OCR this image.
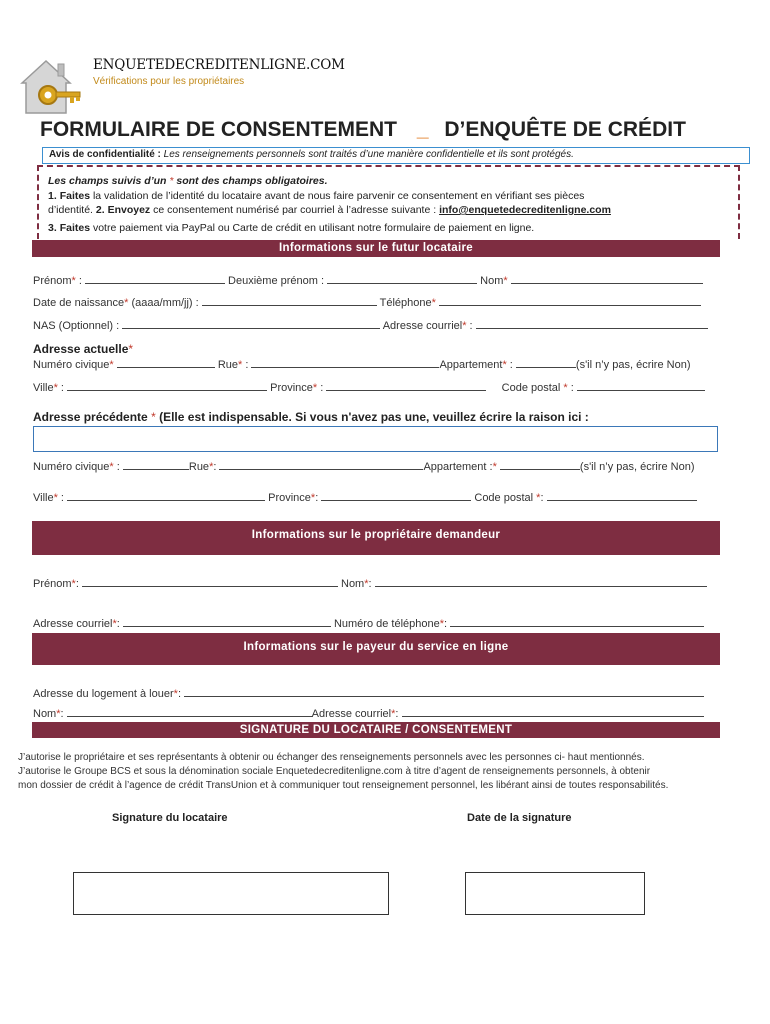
ENQUETEDECREDITENLIGNE.COM
Vérifications pour les propriétaires
FORMULAIRE DE CONSENTEMENT _ D’ENQUÊTE DE CRÉDIT
Avis de confidentialité : Les renseignements personnels sont traités d’une manière confidentielle et ils sont protégés.
Les champs suivis d’un * sont des champs obligatoires.
1. Faites la validation de l’identité du locataire avant de nous faire parvenir ce consentement en vérifiant ses pièces
d’identité. 2. Envoyez ce consentement numérisé par courriel à l’adresse suivante : info@enquetedecreditenligne.com
3. Faites votre paiement via PayPal ou Carte de crédit en utilisant notre formulaire de paiement en ligne.
Informations sur le futur locataire
Prénom* :	Deuxième prénom :	Nom*
Date de naissance* (aaaa/mm/jj) :	Téléphone*
NAS (Optionnel) :	Adresse courriel* :
Adresse actuelle*
Numéro civique*	Rue* :	Appartement* :	(s'il n’y pas, écrire Non)
Ville* :	Province* :	Code postal * :
Adresse précédente * (Elle est indispensable. Si vous n'avez pas une, veuillez écrire la raison ici :
Numéro civique* :	Rue*:	Appartement :*	(s'il n’y pas, écrire Non)
Ville* :	Province*:	Code postal *:
Informations sur le propriétaire demandeur
Prénom*:	Nom*:
Adresse courriel*:	Numéro de téléphone*:
Informations sur le payeur du service en ligne
Adresse du logement à louer*:
Nom*:	Adresse courriel*:
SIGNATURE DU LOCATAIRE / CONSENTEMENT
J’autorise le propriétaire et ses représentants à obtenir ou échanger des renseignements personnels avec les personnes ci- haut mentionnés.
J’autorise le Groupe BCS et sous la dénomination sociale Enquetedecreditenligne.com à titre d’agent de renseignements personnels, à obtenir
mon dossier de crédit à l’agence de crédit TransUnion et à communiquer tout renseignement personnel, les libérant ainsi de toutes responsabilités.
Signature du locataire	Date de la signature
